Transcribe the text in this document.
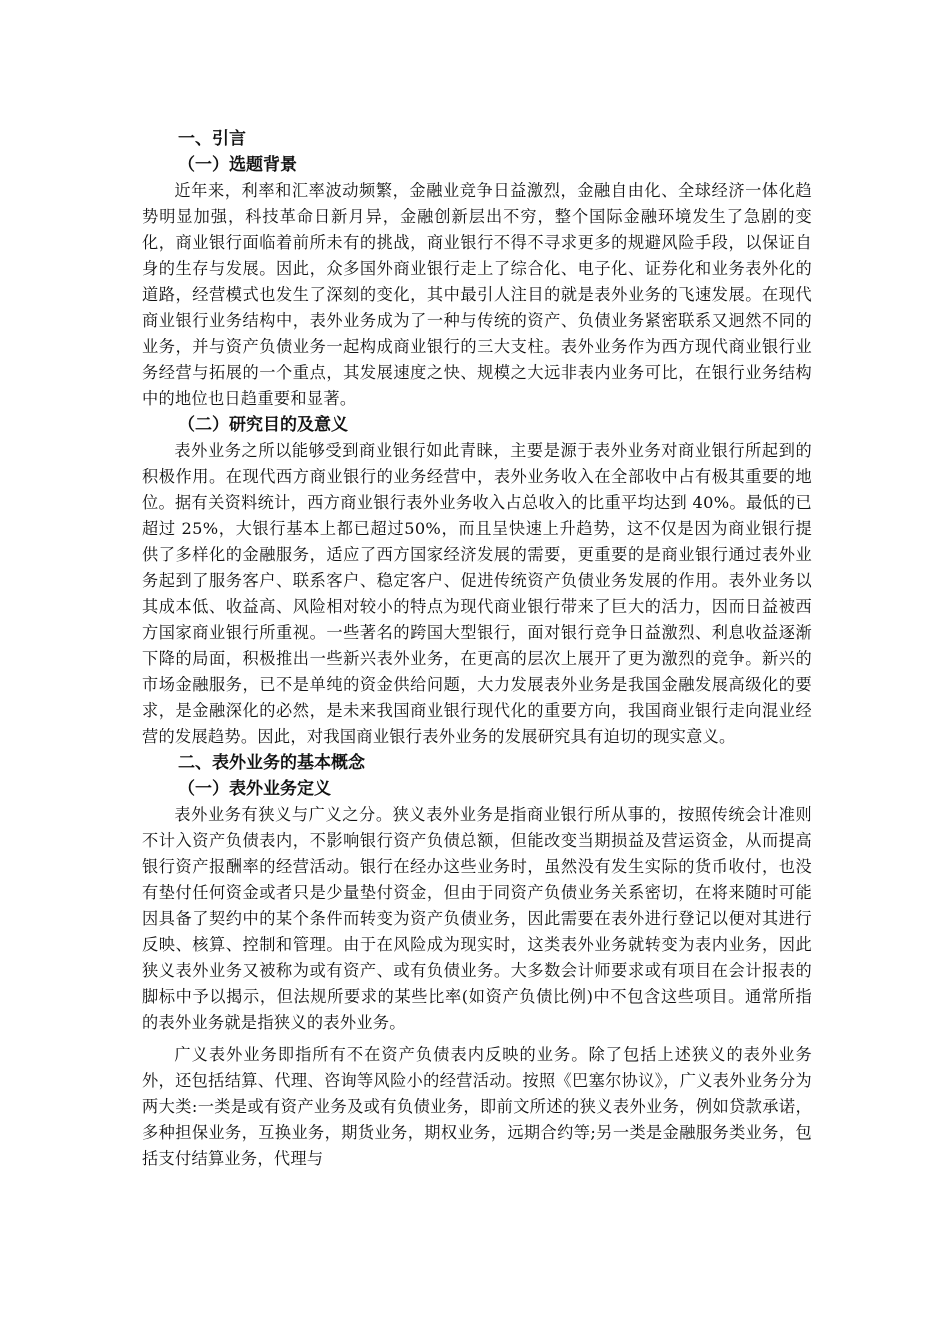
一、引言
（一）选题背景

近年来，利率和汇率波动频繁，金融业竞争日益激烈，金融自由化、全球经济一体化趋势明显加强，科技革命日新月异，金融创新层出不穷，整个国际金融环境发生了急剧的变化，商业银行面临着前所未有的挑战，商业银行不得不寻求更多的规避风险手段，以保证自身的生存与发展。因此，众多国外商业银行走上了综合化、电子化、证券化和业务表外化的道路，经营模式也发生了深刻的变化，其中最引人注目的就是表外业务的飞速发展。在现代商业银行业务结构中，表外业务成为了一种与传统的资产、负债业务紧密联系又迥然不同的业务，并与资产负债业务一起构成商业银行的三大支柱。表外业务作为西方现代商业银行业务经营与拓展的一个重点，其发展速度之快、规模之大远非表内业务可比，在银行业务结构中的地位也日趋重要和显著。

（二）研究目的及意义

表外业务之所以能够受到商业银行如此青睐，主要是源于表外业务对商业银行所起到的积极作用。在现代西方商业银行的业务经营中，表外业务收入在全部收中占有极其重要的地位。据有关资料统计，西方商业银行表外业务收入占总收入的比重平均达到 40%。最低的已超过 25%，大银行基本上都已超过50%，而且呈快速上升趋势，这不仅是因为商业银行提供了多样化的金融服务，适应了西方国家经济发展的需要，更重要的是商业银行通过表外业务起到了服务客户、联系客户、稳定客户、促进传统资产负债业务发展的作用。表外业务以其成本低、收益高、风险相对较小的特点为现代商业银行带来了巨大的活力，因而日益被西方国家商业银行所重视。一些著名的跨国大型银行，面对银行竞争日益激烈、利息收益逐渐下降的局面，积极推出一些新兴表外业务，在更高的层次上展开了更为激烈的竞争。新兴的市场金融服务，已不是单纯的资金供给问题，大力发展表外业务是我国金融发展高级化的要求，是金融深化的必然，是未来我国商业银行现代化的重要方向，我国商业银行走向混业经营的发展趋势。因此，对我国商业银行表外业务的发展研究具有迫切的现实意义。

二、表外业务的基本概念
（一）表外业务定义

表外业务有狭义与广义之分。狭义表外业务是指商业银行所从事的，按照传统会计准则不计入资产负债表内，不影响银行资产负债总额，但能改变当期损益及营运资金，从而提高银行资产报酬率的经营活动。银行在经办这些业务时，虽然没有发生实际的货币收付，也没有垫付任何资金或者只是少量垫付资金，但由于同资产负债业务关系密切，在将来随时可能因具备了契约中的某个条件而转变为资产负债业务，因此需要在表外进行登记以便对其进行反映、核算、控制和管理。由于在风险成为现实时，这类表外业务就转变为表内业务，因此狭义表外业务又被称为或有资产、或有负债业务。大多数会计师要求或有项目在会计报表的脚标中予以揭示，但法规所要求的某些比率(如资产负债比例)中不包含这些项目。通常所指的表外业务就是指狭义的表外业务。

广义表外业务即指所有不在资产负债表内反映的业务。除了包括上述狭义的表外业务外，还包括结算、代理、咨询等风险小的经营活动。按照《巴塞尔协议》，广义表外业务分为两大类:一类是或有资产业务及或有负债业务，即前文所述的狭义表外业务，例如贷款承诺，多种担保业务，互换业务，期货业务，期权业务，远期合约等;另一类是金融服务类业务，包括支付结算业务，代理与
